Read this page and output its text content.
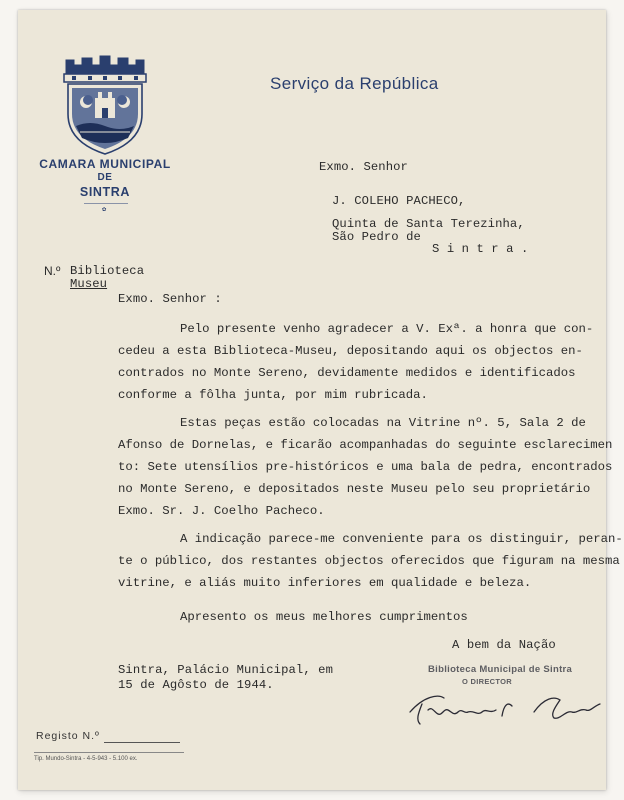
CAMARA MUNICIPAL
DE
SINTRA
✿
Serviço da República
Exmo. Senhor
J. COLEHO PACHECO,
Quinta de Santa Terezinha,
São Pedro de
S i n t r a .
N.º Biblioteca
Museu
Exmo. Senhor :
Pelo presente venho agradecer a V. Exª. a honra que con-
cedeu a esta Biblioteca-Museu, depositando aqui os objectos en-
contrados no Monte Sereno, devidamente medidos e identificados
conforme a fôlha junta, por mim rubricada.
Estas peças estão colocadas na Vitrine nº. 5, Sala 2 de
Afonso de Dornelas, e ficarão acompanhadas do seguinte esclarecimen
to: Sete utensílios pre-históricos e uma bala de pedra, encontrados
no Monte Sereno, e depositados neste Museu pelo seu proprietário
Exmo. Sr. J. Coelho Pacheco.
A indicação parece-me conveniente para os distinguir, peran-
te o público, dos restantes objectos oferecidos que figuram na mesma
vitrine, e aliás muito inferiores em qualidade e beleza.
Apresento os meus melhores cumprimentos
A bem da Nação
Biblioteca Municipal de Sintra
O DIRECTOR
Sintra, Palácio Municipal, em
15 de Agôsto de 1944.
Registo N.º
Tip. Mundo-Sintra - 4-5-943 - 5.100 ex.
